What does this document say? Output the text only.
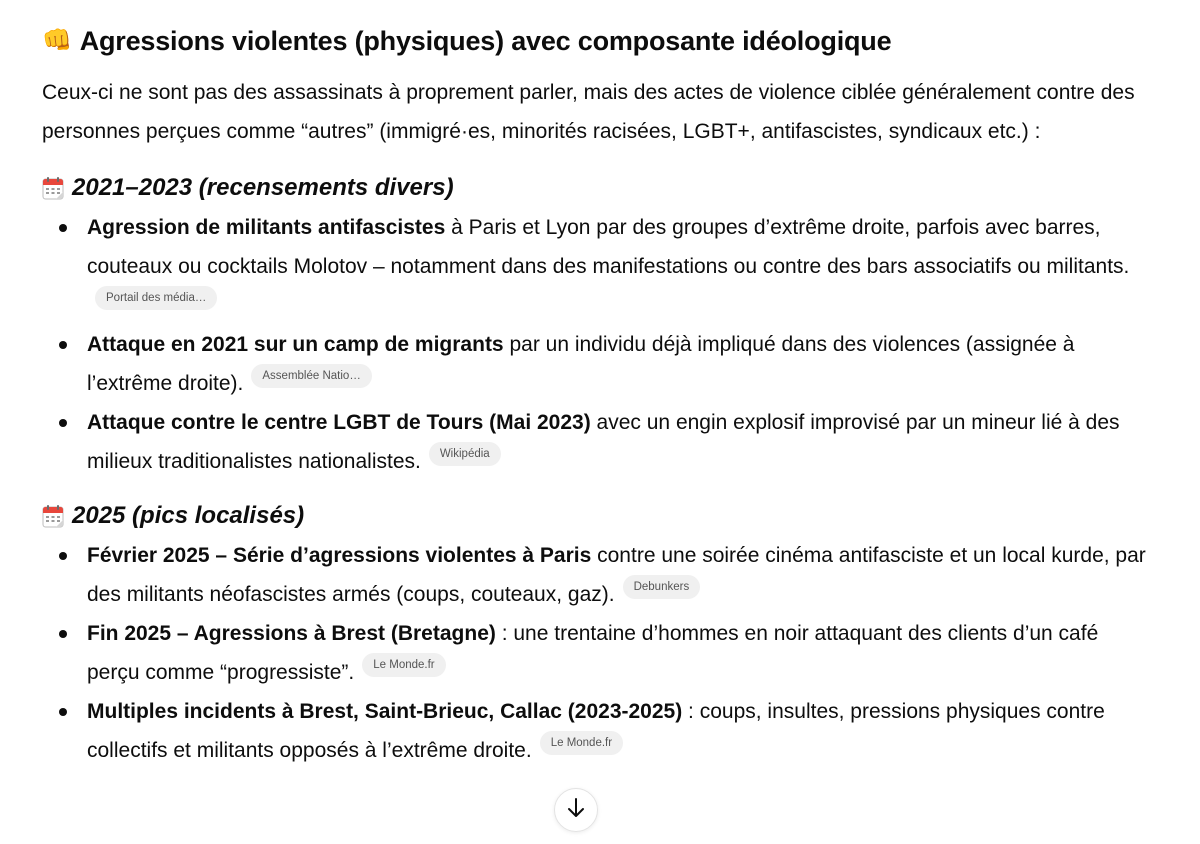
👊 Agressions violentes (physiques) avec composante idéologique

Ceux-ci ne sont pas des assassinats à proprement parler, mais des actes de violence ciblée généralement contre des personnes perçues comme “autres” (immigré·es, minorités racisées, LGBT+, antifascistes, syndicaux etc.) :

2021–2023 (recensements divers)
Agression de militants antifascistes à Paris et Lyon par des groupes d’extrême droite, parfois avec barres, couteaux ou cocktails Molotov – notamment dans des manifestations ou contre des bars associatifs ou militants.Portail des média…
Attaque en 2021 sur un camp de migrants par un individu déjà impliqué dans des violences (assignée à l’extrême droite). Assemblée Natio…
Attaque contre le centre LGBT de Tours (Mai 2023) avec un engin explosif improvisé par un mineur lié à des milieux traditionalistes nationalistes. Wikipédia
2025 (pics localisés)
Février 2025 – Série d’agressions violentes à Paris contre une soirée cinéma antifasciste et un local kurde, par des militants néofascistes armés (coups, couteaux, gaz). Debunkers
Fin 2025 – Agressions à Brest (Bretagne) : une trentaine d’hommes en noir attaquant des clients d’un café perçu comme “progressiste”. Le Monde.fr
Multiples incidents à Brest, Saint-Brieuc, Callac (2023-2025) : coups, insultes, pressions physiques contre collectifs et militants opposés à l’extrême droite. Le Monde.fr
